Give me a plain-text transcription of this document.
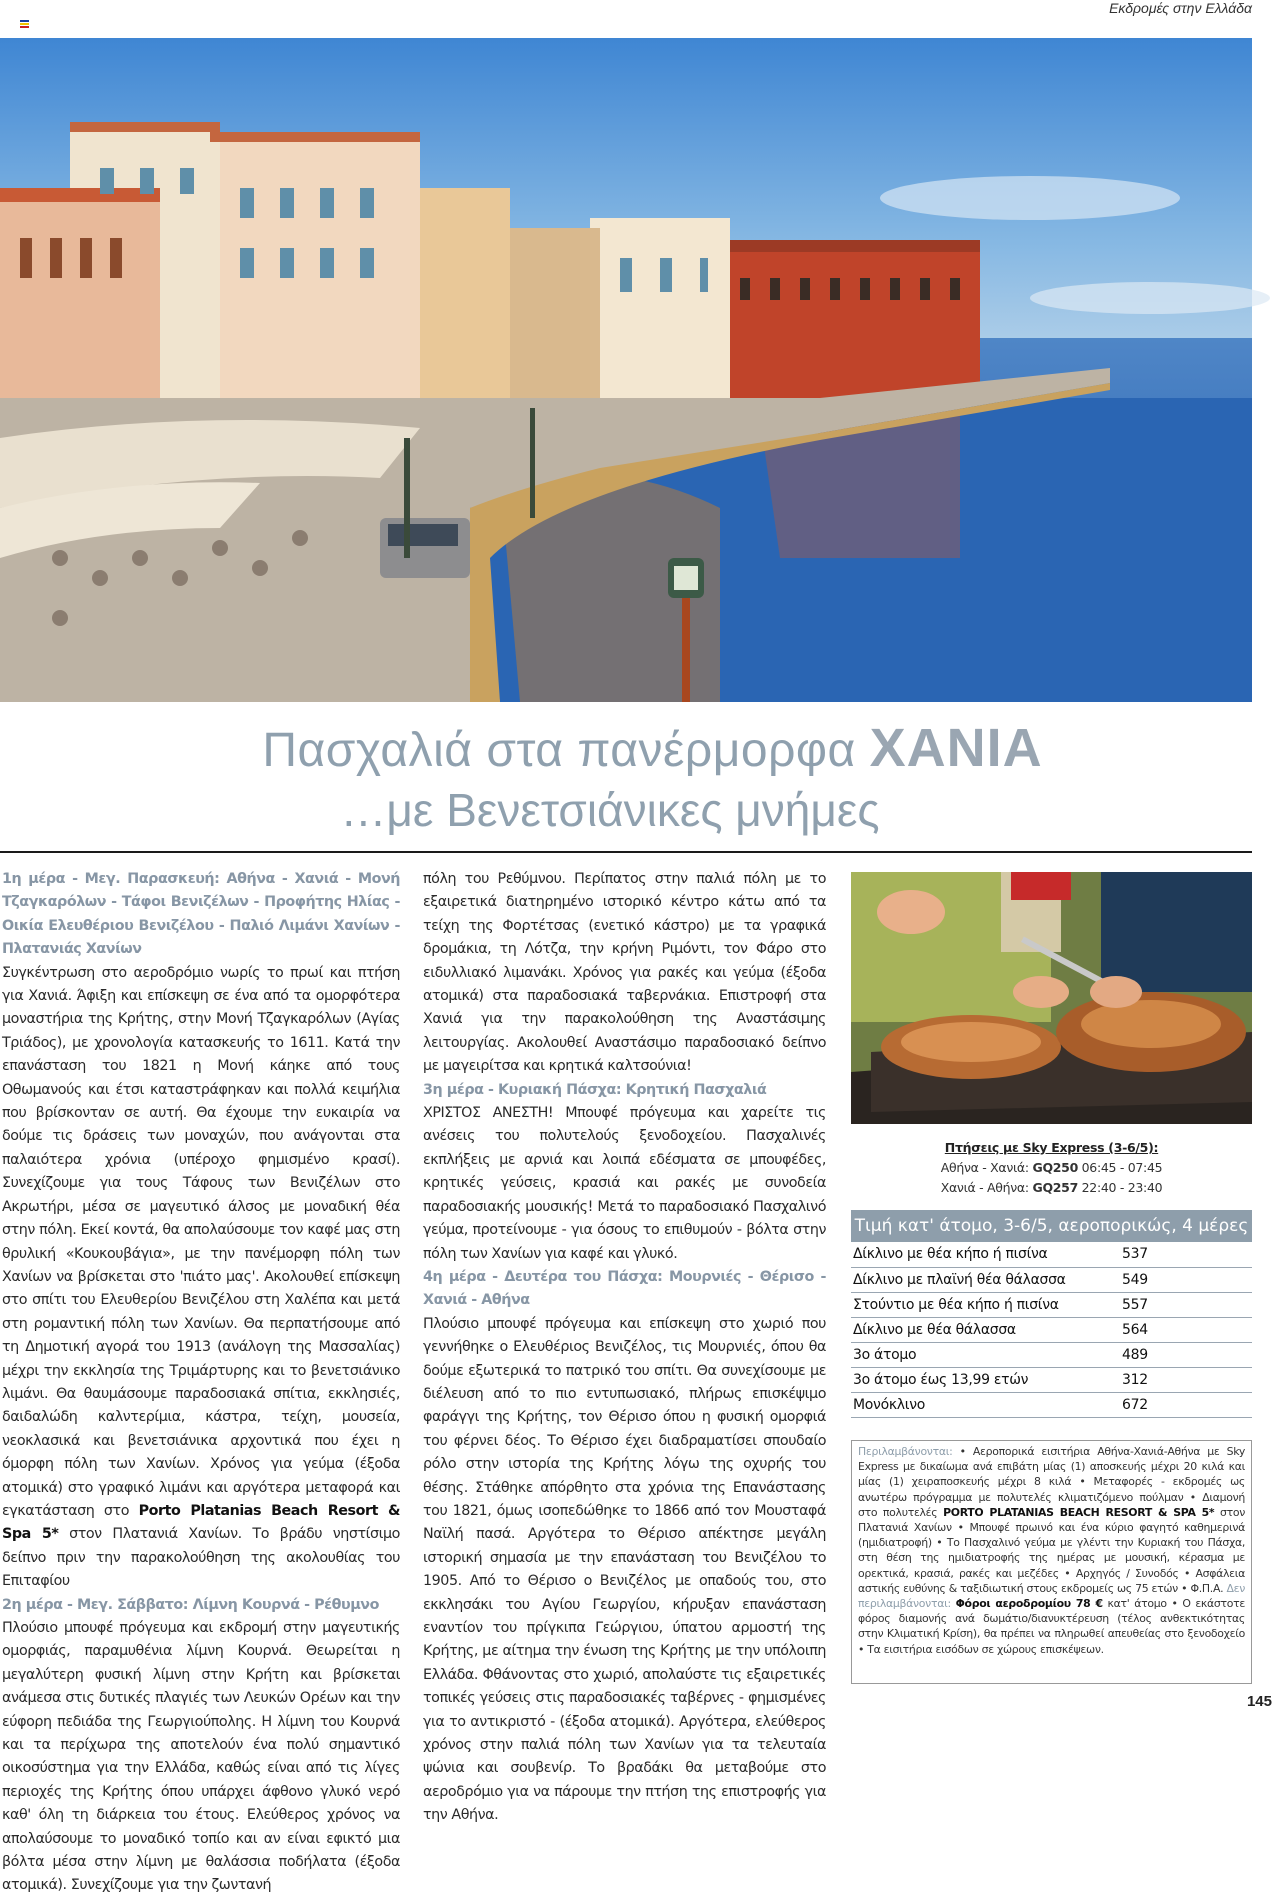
Εκδρομές στην Ελλάδα
Πασχαλιά στα πανέρμορφα ΧΑΝΙΑ
…με Βενετσιάνικες μνήμες

1η μέρα - Μεγ. Παρασκευή: Αθήνα - Χανιά - Μονή Τζαγκαρόλων - Τάφοι Βενιζέλων - Προφήτης Ηλίας - Οικία Ελευθέριου Βενιζέλου - Παλιό Λιμάνι Χανίων - Πλατανιάς Χανίων

Συγκέντρωση στο αεροδρόμιο νωρίς το πρωί και πτήση για Χανιά. Άφιξη και επίσκεψη σε ένα από τα ομορφότερα μοναστήρια της Κρήτης, στην Μονή Τζαγκαρόλων (Αγίας Τριάδος), με χρονολογία κατασκευής το 1611. Κατά την επανάσταση του 1821 η Μονή κάηκε από τους Οθωμανούς και έτσι καταστράφηκαν και πολλά κειμήλια που βρίσκονταν σε αυτή. Θα έχουμε την ευκαιρία να δούμε τις δράσεις των μοναχών, που ανάγονται στα παλαιότερα χρόνια (υπέροχο φημισμένο κρασί). Συνεχίζουμε για τους Τάφους των Βενιζέλων στο Ακρωτήρι, μέσα σε μαγευτικό άλσος με μοναδική θέα στην πόλη. Εκεί κοντά, θα απολαύσουμε τον καφέ μας στη θρυλική «Κουκουβάγια», με την πανέμορφη πόλη των Χανίων να βρίσκεται στο 'πιάτο μας'. Ακολουθεί επίσκεψη στο σπίτι του Ελευθερίου Βενιζέλου στη Χαλέπα και μετά στη ρομαντική πόλη των Χανίων. Θα περπατήσουμε από τη Δημοτική αγορά του 1913 (ανάλογη της Μασσαλίας) μέχρι την εκκλησία της Τριμάρτυρης και το βενετσιάνικο λιμάνι. Θα θαυμάσουμε παραδοσιακά σπίτια, εκκλησιές, δαιδαλώδη καλντερίμια, κάστρα, τείχη, μουσεία, νεοκλασικά και βενετσιάνικα αρχοντικά που έχει η όμορφη πόλη των Χανίων. Χρόνος για γεύμα (έξοδα ατομικά) στο γραφικό λιμάνι και αργότερα μεταφορά και εγκατάσταση στο Porto Platanias Beach Resort & Spa 5* στον Πλατανιά Χανίων. Το βράδυ νηστίσιμο δείπνο πριν την παρακολούθηση της ακολουθίας του Επιταφίου

2η μέρα - Μεγ. Σάββατο: Λίμνη Κουρνά - Ρέθυμνο

Πλούσιο μπουφέ πρόγευμα και εκδρομή στην μαγευτικής ομορφιάς, παραμυθένια λίμνη Κουρνά. Θεωρείται η μεγαλύτερη φυσική λίμνη στην Κρήτη και βρίσκεται ανάμεσα στις δυτικές πλαγιές των Λευκών Ορέων και την εύφορη πεδιάδα της Γεωργιούπολης. Η λίμνη του Κουρνά και τα περίχωρα της αποτελούν ένα πολύ σημαντικό οικοσύστημα για την Ελλάδα, καθώς είναι από τις λίγες περιοχές της Κρήτης όπου υπάρχει άφθονο γλυκό νερό καθ' όλη τη διάρκεια του έτους. Ελεύθερος χρόνος να απολαύσουμε το μοναδικό τοπίο και αν είναι εφικτό μια βόλτα μέσα στην λίμνη με θαλάσσια ποδήλατα (έξοδα ατομικά). Συνεχίζουμε για την ζωντανή

πόλη του Ρεθύμνου. Περίπατος στην παλιά πόλη με το εξαιρετικά διατηρημένο ιστορικό κέντρο κάτω από τα τείχη της Φορτέτσας (ενετικό κάστρο) με τα γραφικά δρομάκια, τη Λότζα, την κρήνη Ριμόντι, τον Φάρο στο ειδυλλιακό λιμανάκι. Χρόνος για ρακές και γεύμα (έξοδα ατομικά) στα παραδοσιακά ταβερνάκια. Επιστροφή στα Χανιά για την παρακολούθηση της Αναστάσιμης λειτουργίας. Ακολουθεί Αναστάσιμο παραδοσιακό δείπνο με μαγειρίτσα και κρητικά καλτσούνια!

3η μέρα - Κυριακή Πάσχα: Κρητική Πασχαλιά

ΧΡΙΣΤΟΣ ΑΝΕΣΤΗ! Μπουφέ πρόγευμα και χαρείτε τις ανέσεις του πολυτελούς ξενοδοχείου. Πασχαλινές εκπλήξεις με αρνιά και λοιπά εδέσματα σε μπουφέδες, κρητικές γεύσεις, κρασιά και ρακές με συνοδεία παραδοσιακής μουσικής! Μετά το παραδοσιακό Πασχαλινό γεύμα, προτείνουμε - για όσους το επιθυμούν - βόλτα στην πόλη των Χανίων για καφέ και γλυκό.

4η μέρα - Δευτέρα του Πάσχα: Μουρνιές - Θέρισο - Χανιά - Αθήνα

Πλούσιο μπουφέ πρόγευμα και επίσκεψη στο χωριό που γεννήθηκε ο Ελευθέριος Βενιζέλος, τις Μουρνιές, όπου θα δούμε εξωτερικά το πατρικό του σπίτι. Θα συνεχίσουμε με διέλευση από το πιο εντυπωσιακό, πλήρως επισκέψιμο φαράγγι της Κρήτης, τον Θέρισο όπου η φυσική ομορφιά του φέρνει δέος. Το Θέρισο έχει διαδραματίσει σπουδαίο ρόλο στην ιστορία της Κρήτης λόγω της οχυρής του θέσης. Στάθηκε απόρθητο στα χρόνια της Επανάστασης του 1821, όμως ισοπεδώθηκε το 1866 από τον Μουσταφά Ναϊλή πασά. Αργότερα το Θέρισο απέκτησε μεγάλη ιστορική σημασία με την επανάσταση του Βενιζέλου το 1905. Από το Θέρισο ο Βενιζέλος με οπαδούς του, στο εκκλησάκι του Αγίου Γεωργίου, κήρυξαν επανάσταση εναντίον του πρίγκιπα Γεώργιου, ύπατου αρμοστή της Κρήτης, με αίτημα την ένωση της Κρήτης με την υπόλοιπη Ελλάδα. Φθάνοντας στο χωριό, απολαύστε τις εξαιρετικές τοπικές γεύσεις στις παραδοσιακές ταβέρνες - φημισμένες για το αντικριστό - (έξοδα ατομικά). Αργότερα, ελεύθερος χρόνος στην παλιά πόλη των Χανίων για τα τελευταία ψώνια και σουβενίρ. Το βραδάκι θα μεταβούμε στο αεροδρόμιο για να πάρουμε την πτήση της επιστροφής για την Αθήνα.

Πτήσεις με Sky Express (3-6/5):
Αθήνα - Χανιά: GQ250 06:45 - 07:45
Χανιά - Αθήνα: GQ257 22:40 - 23:40
Τιμή κατ' άτομο, 3-6/5, αεροπορικώς, 4 μέρες
Δίκλινο με θέα κήπο ή πισίνα	537
Δίκλινο με πλαϊνή θέα θάλασσα	549
Στούντιο με θέα κήπο ή πισίνα	557
Δίκλινο με θέα θάλασσα	564
3ο άτομο	489
3ο άτομο έως 13,99 ετών	312
Μονόκλινο	672
Περιλαμβάνονται: • Αεροπορικά εισιτήρια Αθήνα-Χανιά-Αθήνα με Sky Express με δικαίωμα ανά επιβάτη μίας (1) αποσκευής μέχρι 20 κιλά και μίας (1) χειραποσκευής μέχρι 8 κιλά • Μεταφορές - εκδρομές ως ανωτέρω πρόγραμμα με πολυτελές κλιματιζόμενο πούλμαν • Διαμονή στο πολυτελές PORTO PLATANIAS BEACH RESORT & SPA 5* στον Πλατανιά Χανίων • Μπουφέ πρωινό και ένα κύριο φαγητό καθημερινά (ημιδιατροφή) • Το Πασχαλινό γεύμα με γλέντι την Κυριακή του Πάσχα, στη θέση της ημιδιατροφής της ημέρας με μουσική, κέρασμα με ορεκτικά, κρασιά, ρακές και μεζέδες • Αρχηγός / Συνοδός • Ασφάλεια αστικής ευθύνης & ταξιδιωτική στους εκδρομείς ως 75 ετών • Φ.Π.Α. Δεν περιλαμβάνονται: Φόροι αεροδρομίου 78 € κατ' άτομο • Ο εκάστοτε φόρος διαμονής ανά δωμάτιο/διανυκτέρευση (τέλος ανθεκτικότητας στην Κλιματική Κρίση), θα πρέπει να πληρωθεί απευθείας στο ξενοδοχείο • Τα εισιτήρια εισόδων σε χώρους επισκέψεων.
145
